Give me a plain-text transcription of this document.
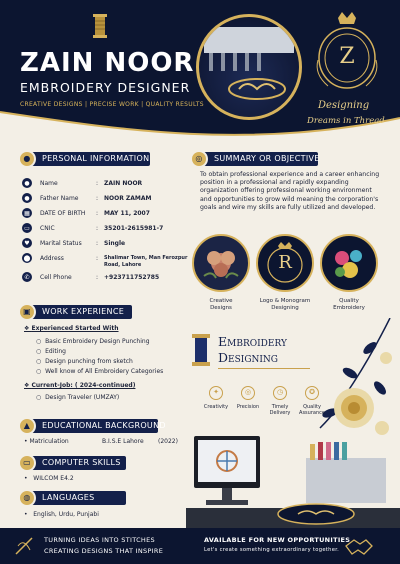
ZAIN NOOR
EMBROIDERY DESIGNER
CREATIVE DESIGNS | PRECISE WORK | QUALITY RESULTS
Z
Designing
Dreams in Thread
●	PERSONAL INFORMATION
●	Name	: ZAIN NOOR
●	Father Name	: NOOR ZAMAM
▦	DATE OF BIRTH : MAY 11, 2007
▭	CNIC	: 35201-2615981-7
♥	Marital Status : Single
⬤ Address	: Shalimar Town, Man Ferozpur
Road, Lahore
✆	Cell Phone	: +923711752785
◎	SUMMARY OR OBJECTIVE
To obtain professional experience and a career enhancing position in a professional and rapidly expanding organization offering professional working environment and opportunities to grow wild meaning the corporation's goals and wire my skills are fully utilized and developed.
R
Creative
Designs
Logo & Monogram
Designing
Quality
Embroidery
▣	WORK EXPERIENCE
❖ Experienced Started With
○  Basic Embroidery Design Punching
○  Editing
○  Design punching from sketch
○  Well know of All Embroidery Categories
❖ Current-Job: ( 2024-continued)
○  Design Traveler (UMZAY)
Embroidery
Designing
✦
Creativity
◎
Precision
◷
Timely
Delivery
✪
Quality
Assurance
▲	EDUCATIONAL BACKGROUND
• Matriculation	B.I.S.E Lahore (2022)
▭	COMPUTER SKILLS
•   WILCOM E4.2
◍	LANGUAGES
•   English, Urdu, Punjabi
TURNING IDEAS INTO STITCHES
CREATING DESIGNS THAT INSPIRE
AVAILABLE FOR NEW OPPORTUNITIES
Let's create something extraordinary together.
